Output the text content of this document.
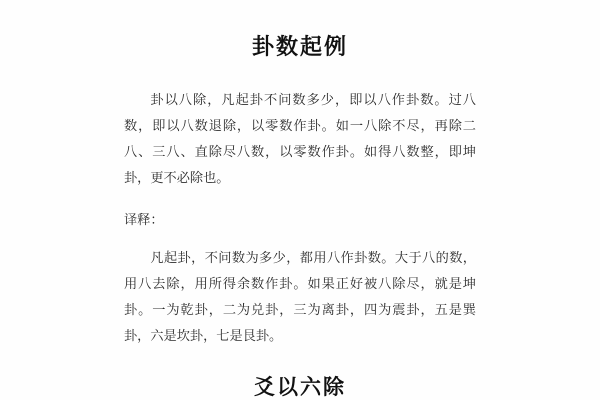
卦数起例

卦以八除，凡起卦不问数多少，即以八作卦数。过八数，即以八数退除，以零数作卦。如一八除不尽，再除二八、三八、直除尽八数，以零数作卦。如得八数整，即坤卦，更不必除也。

译释：

凡起卦，不问数为多少，都用八作卦数。大于八的数，用八去除，用所得余数作卦。如果正好被八除尽，就是坤卦。一为乾卦，二为兑卦，三为离卦，四为震卦，五是巽卦，六是坎卦，七是艮卦。

爻以六除
